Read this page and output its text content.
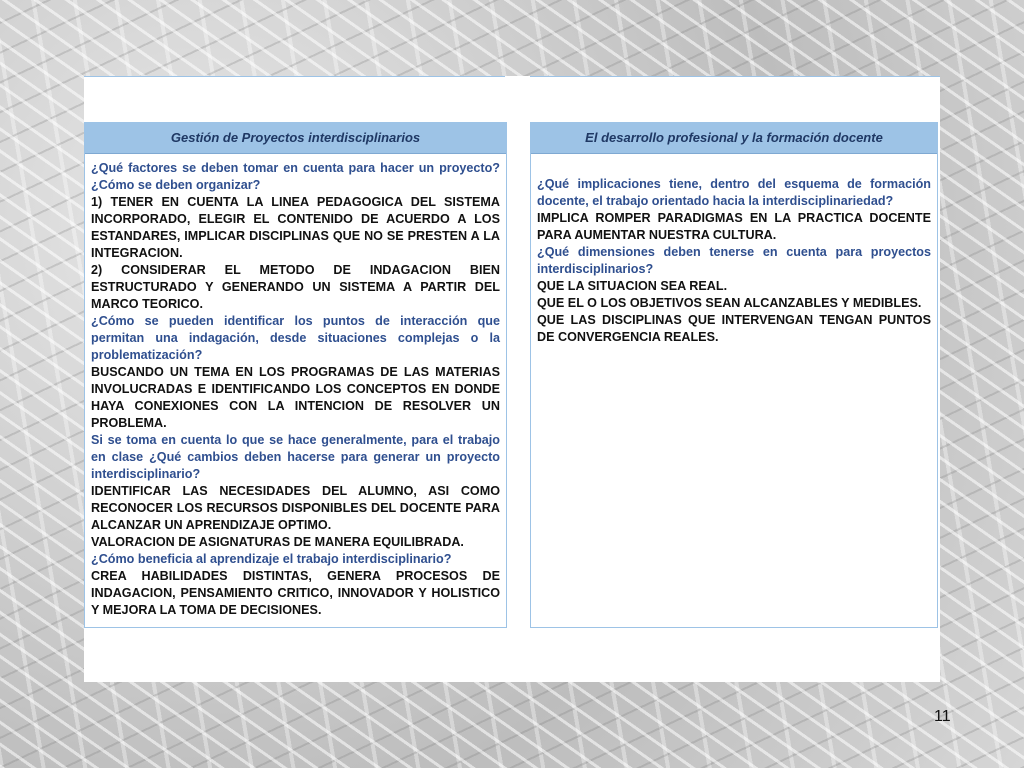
Gestión de Proyectos interdisciplinarios

¿Qué factores se deben tomar en cuenta para hacer un proyecto? ¿Cómo se deben organizar?

1) TENER EN CUENTA LA LINEA PEDAGOGICA DEL SISTEMA INCORPORADO, ELEGIR EL CONTENIDO DE ACUERDO A LOS ESTANDARES, IMPLICAR DISCIPLINAS QUE NO SE PRESTEN A LA INTEGRACION.

2) CONSIDERAR EL METODO DE INDAGACION BIEN ESTRUCTURADO Y GENERANDO UN SISTEMA A PARTIR DEL MARCO TEORICO.

¿Cómo se pueden identificar los puntos de interacción que permitan una indagación, desde situaciones complejas o la problematización?

BUSCANDO UN TEMA EN LOS PROGRAMAS DE LAS MATERIAS INVOLUCRADAS E IDENTIFICANDO LOS CONCEPTOS EN DONDE HAYA CONEXIONES CON LA INTENCION DE RESOLVER UN PROBLEMA.

Si se toma en cuenta lo que se hace generalmente, para el trabajo en clase ¿Qué cambios deben hacerse para generar un proyecto interdisciplinario?

IDENTIFICAR LAS NECESIDADES DEL ALUMNO, ASI COMO RECONOCER LOS RECURSOS DISPONIBLES DEL DOCENTE PARA ALCANZAR UN APRENDIZAJE OPTIMO.

VALORACION DE ASIGNATURAS DE MANERA EQUILIBRADA.

¿Cómo beneficia al aprendizaje el trabajo interdisciplinario?

CREA HABILIDADES DISTINTAS, GENERA PROCESOS DE INDAGACION, PENSAMIENTO CRITICO, INNOVADOR Y HOLISTICO Y MEJORA LA TOMA DE DECISIONES.

El desarrollo profesional y la formación docente

¿Qué implicaciones tiene, dentro del esquema de formación docente, el trabajo orientado hacia la interdisciplinariedad?

IMPLICA ROMPER PARADIGMAS EN LA PRACTICA DOCENTE PARA AUMENTAR NUESTRA CULTURA.

¿Qué dimensiones deben tenerse en cuenta para proyectos interdisciplinarios?

QUE LA SITUACION SEA REAL.

QUE EL O LOS OBJETIVOS SEAN ALCANZABLES Y MEDIBLES.

QUE LAS DISCIPLINAS QUE INTERVENGAN TENGAN PUNTOS DE CONVERGENCIA REALES.

11
